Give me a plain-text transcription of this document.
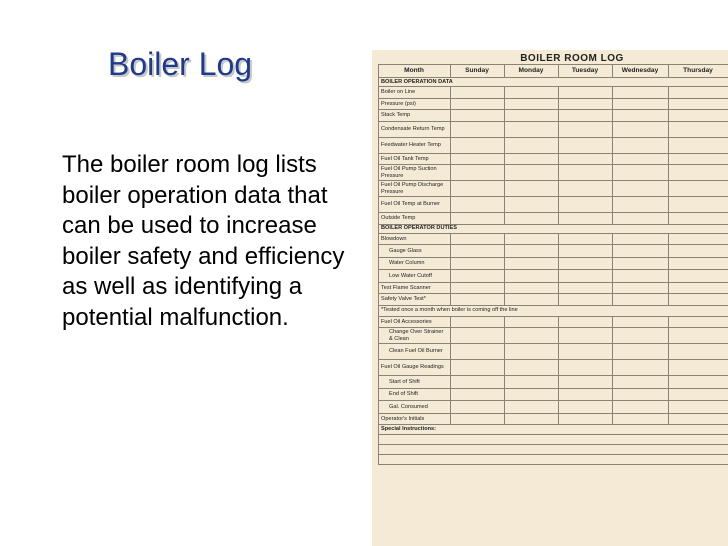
Boiler Log

The boiler room log lists boiler operation data that can be used to increase boiler safety and efficiency as well as identifying a potential malfunction.

BOILER ROOM LOG
Month	Sunday	Monday	Tuesday	Wednesday	Thursday
BOILER OPERATION DATA
Boiler on Line
Pressure (psi)
Stack Temp
Condensate Return Temp
Feedwater Heater Temp
Fuel Oil Tank Temp
Fuel Oil Pump Suction Pressure
Fuel Oil Pump Discharge Pressure
Fuel Oil Temp at Burner
Outside Temp
BOILER OPERATOR DUTIES
Blowdown
Gauge Glass
Water Column
Low Water Cutoff
Test Flame Scanner
Safety Valve Test*
*Tested once a month when boiler is coming off the line
Fuel Oil Accessories
Change Over Strainer & Clean
Clean Fuel Oil Burner
Fuel Oil Gauge Readings
Start of Shift
End of Shift
Gal. Consumed
Operator's Initials
Special Instructions:
